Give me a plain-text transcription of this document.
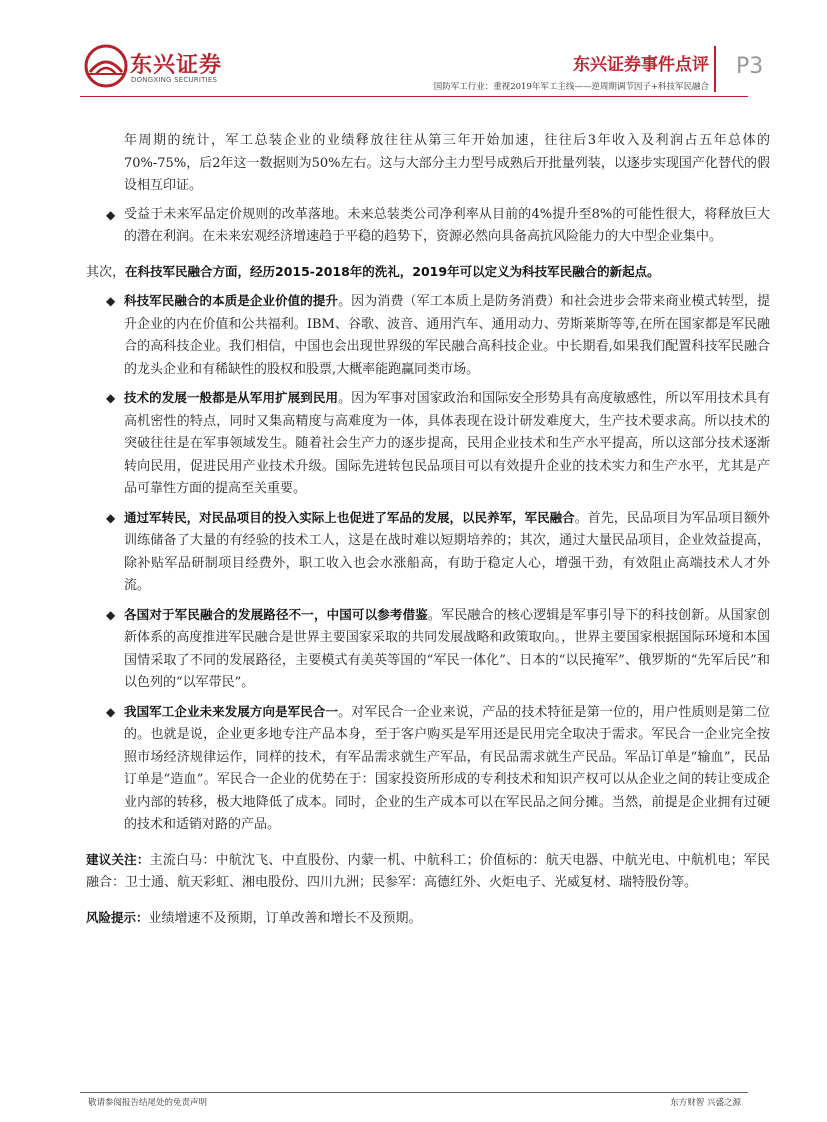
东兴证券
DONGXING SECURITIES
东兴证券事件点评
国防军工行业：重视2019年军工主线——逆周期调节因子+科技军民融合
P3

年周期的统计，军工总装企业的业绩释放往往从第三年开始加速，往往后3年收入及利润占五年总体的70%-75%，后2年这一数据则为50%左右。这与大部分主力型号成熟后开批量列装，以逐步实现国产化替代的假设相互印证。

◆ 受益于未来军品定价规则的改革落地。未来总装类公司净利率从目前的4%提升至8%的可能性很大，将释放巨大的潜在利润。在未来宏观经济增速趋于平稳的趋势下，资源必然向具备高抗风险能力的大中型企业集中。

其次，在科技军民融合方面，经历2015-2018年的洗礼，2019年可以定义为科技军民融合的新起点。

◆ 科技军民融合的本质是企业价值的提升。因为消费（军工本质上是防务消费）和社会进步会带来商业模式转型，提升企业的内在价值和公共福利。IBM、谷歌、波音、通用汽车、通用动力、劳斯莱斯等等,在所在国家都是军民融合的高科技企业。我们相信，中国也会出现世界级的军民融合高科技企业。中长期看,如果我们配置科技军民融合的龙头企业和有稀缺性的股权和股票,大概率能跑赢同类市场。

◆ 技术的发展一般都是从军用扩展到民用。因为军事对国家政治和国际安全形势具有高度敏感性，所以军用技术具有高机密性的特点，同时又集高精度与高难度为一体，具体表现在设计研发难度大，生产技术要求高。所以技术的突破往往是在军事领域发生。随着社会生产力的逐步提高，民用企业技术和生产水平提高，所以这部分技术逐渐转向民用，促进民用产业技术升级。国际先进转包民品项目可以有效提升企业的技术实力和生产水平，尤其是产品可靠性方面的提高至关重要。

◆ 通过军转民，对民品项目的投入实际上也促进了军品的发展，以民养军，军民融合。首先，民品项目为军品项目额外训练储备了大量的有经验的技术工人，这是在战时难以短期培养的；其次，通过大量民品项目，企业效益提高，除补贴军品研制项目经费外，职工收入也会水涨船高，有助于稳定人心，增强干劲，有效阻止高端技术人才外流。

◆ 各国对于军民融合的发展路径不一，中国可以参考借鉴。军民融合的核心逻辑是军事引导下的科技创新。从国家创新体系的高度推进军民融合是世界主要国家采取的共同发展战略和政策取向。，世界主要国家根据国际环境和本国国情采取了不同的发展路径，主要模式有美英等国的“军民一体化”、日本的“以民掩军”、俄罗斯的“先军后民”和以色列的“以军带民”。

◆ 我国军工企业未来发展方向是军民合一。对军民合一企业来说，产品的技术特征是第一位的，用户性质则是第二位的。也就是说，企业更多地专注产品本身，至于客户购买是军用还是民用完全取决于需求。军民合一企业完全按照市场经济规律运作，同样的技术，有军品需求就生产军品，有民品需求就生产民品。军品订单是“输血”，民品订单是“造血”。军民合一企业的优势在于：国家投资所形成的专利技术和知识产权可以从企业之间的转让变成企业内部的转移，极大地降低了成本。同时，企业的生产成本可以在军民品之间分摊。当然，前提是企业拥有过硬的技术和适销对路的产品。

建议关注：主流白马：中航沈飞、中直股份、内蒙一机、中航科工；价值标的：航天电器、中航光电、中航机电；军民融合：卫士通、航天彩虹、湘电股份、四川九洲；民参军：高德红外、火炬电子、光威复材、瑞特股份等。

风险提示：业绩增速不及预期，订单改善和增长不及预期。

敬请参阅报告结尾处的免责声明	东方财智 兴盛之源
